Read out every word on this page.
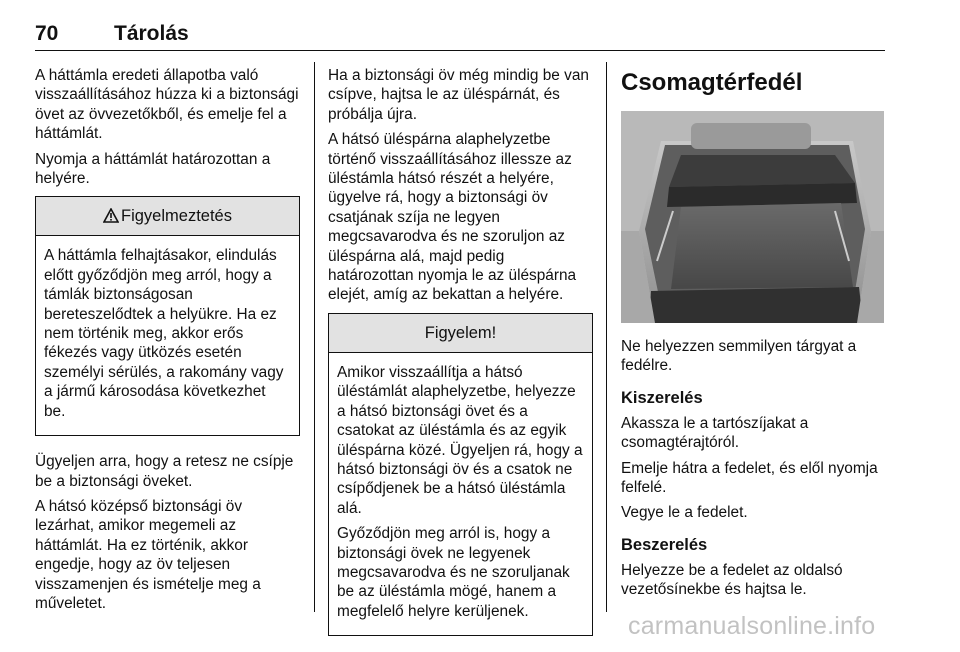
70	Tárolás

A háttámla eredeti állapotba való visszaállításához húzza ki a biztonsági övet az övvezetőkből, és emelje fel a háttámlát.

Nyomja a háttámlát határozottan a helyére.

Figyelmeztetés

A háttámla felhajtásakor, elindulás előtt győződjön meg arról, hogy a támlák biztonságosan bereteszelődtek a helyükre. Ha ez nem történik meg, akkor erős fékezés vagy ütközés esetén személyi sérülés, a rakomány vagy a jármű károsodása következhet be.

Ügyeljen arra, hogy a retesz ne csípje be a biztonsági öveket.

A hátsó középső biztonsági öv lezárhat, amikor megemeli az háttámlát. Ha ez történik, akkor engedje, hogy az öv teljesen visszamenjen és ismételje meg a műveletet.

Ha a biztonsági öv még mindig be van csípve, hajtsa le az üléspárnát, és próbálja újra.

A hátsó üléspárna alaphelyzetbe történő visszaállításához illessze az üléstámla hátsó részét a helyére, ügyelve rá, hogy a biztonsági öv csatjának szíja ne legyen megcsavarodva és ne szoruljon az üléspárna alá, majd pedig határozottan nyomja le az üléspárna elejét, amíg az bekattan a helyére.

Figyelem!

Amikor visszaállítja a hátsó üléstámlát alaphelyzetbe, helyezze a hátsó biztonsági övet és a csatokat az üléstámla és az egyik üléspárna közé. Ügyeljen rá, hogy a hátsó biztonsági öv és a csatok ne csípődjenek be a hátsó üléstámla alá.

Győződjön meg arról is, hogy a biztonsági övek ne legyenek megcsavarodva és ne szoruljanak be az üléstámla mögé, hanem a megfelelő helyre kerüljenek.

Csomagtérfedél

Ne helyezzen semmilyen tárgyat a fedélre.

Kiszerelés

Akassza le a tartószíjakat a csomagtérajtóról.

Emelje hátra a fedelet, és elől nyomja felfelé.

Vegye le a fedelet.

Beszerelés

Helyezze be a fedelet az oldalsó vezetősínekbe és hajtsa le.

carmanualsonline.info
